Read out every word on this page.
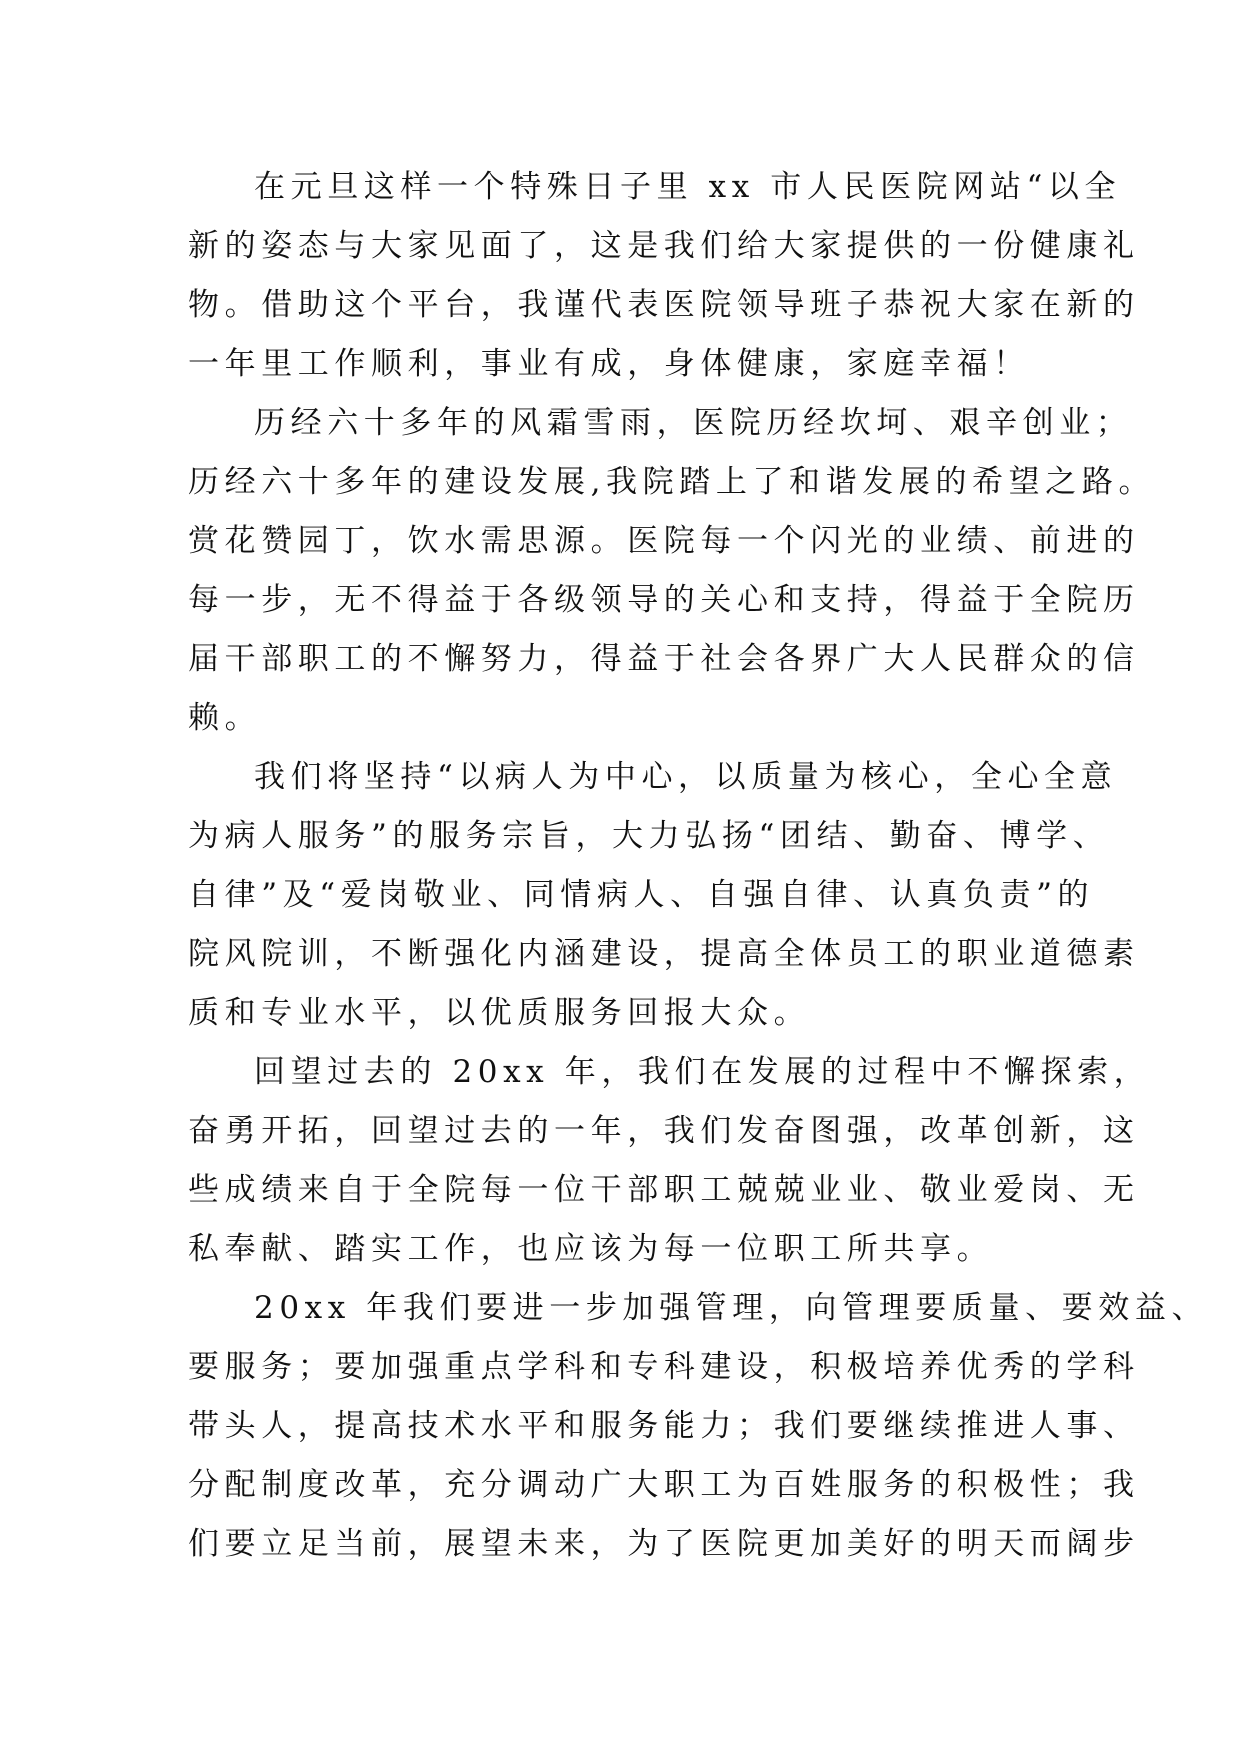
在元旦这样一个特殊日子里 xx 市人民医院网站“以全
新的姿态与大家见面了，这是我们给大家提供的一份健康礼
物。借助这个平台，我谨代表医院领导班子恭祝大家在新的
一年里工作顺利，事业有成，身体健康，家庭幸福！

历经六十多年的风霜雪雨，医院历经坎坷、艰辛创业；
历经六十多年的建设发展,我院踏上了和谐发展的希望之路。
赏花赞园丁，饮水需思源。医院每一个闪光的业绩、前进的
每一步，无不得益于各级领导的关心和支持，得益于全院历
届干部职工的不懈努力，得益于社会各界广大人民群众的信
赖。

我们将坚持“以病人为中心，以质量为核心，全心全意
为病人服务”的服务宗旨，大力弘扬“团结、勤奋、博学、
自律”及“爱岗敬业、同情病人、自强自律、认真负责”的
院风院训，不断强化内涵建设，提高全体员工的职业道德素
质和专业水平，以优质服务回报大众。

回望过去的 20xx 年，我们在发展的过程中不懈探索，
奋勇开拓，回望过去的一年，我们发奋图强，改革创新，这
些成绩来自于全院每一位干部职工兢兢业业、敬业爱岗、无
私奉献、踏实工作，也应该为每一位职工所共享。

20xx 年我们要进一步加强管理，向管理要质量、要效益、
要服务；要加强重点学科和专科建设，积极培养优秀的学科
带头人，提高技术水平和服务能力；我们要继续推进人事、
分配制度改革，充分调动广大职工为百姓服务的积极性；我
们要立足当前，展望未来，为了医院更加美好的明天而阔步
